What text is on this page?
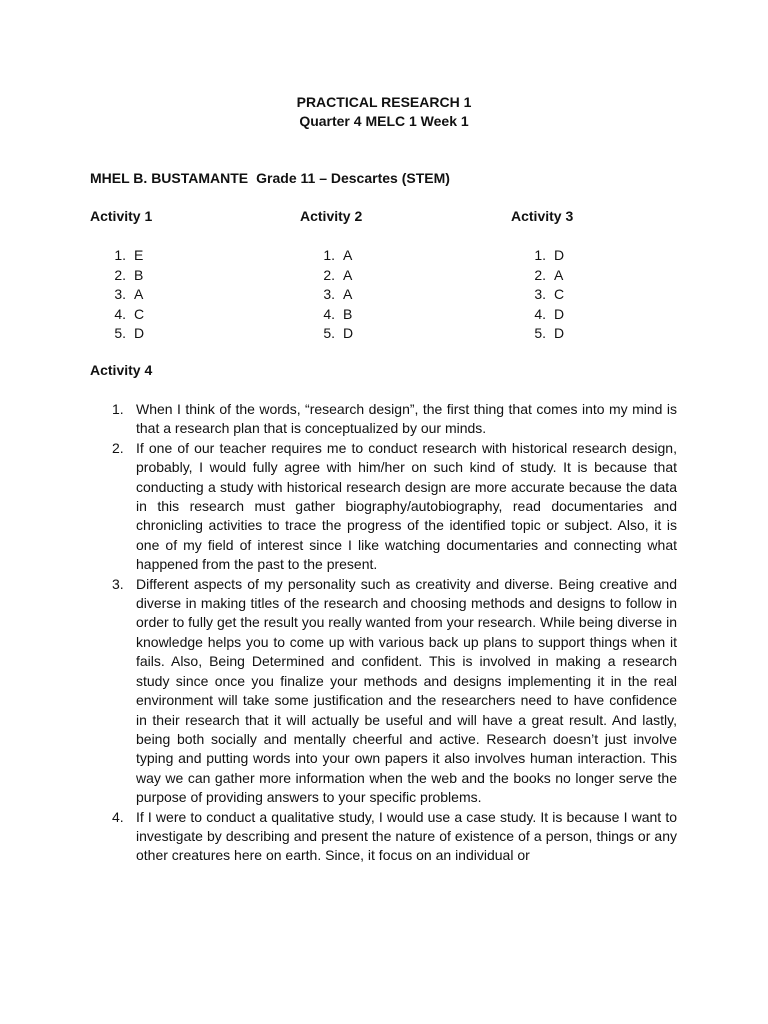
PRACTICAL RESEARCH 1
Quarter 4 MELC 1 Week 1
MHEL B. BUSTAMANTE Grade 11 – Descartes (STEM)
Activity 1
1. E
2. B
3. A
4. C
5. D
Activity 2
1. A
2. A
3. A
4. B
5. D
Activity 3
1. D
2. A
3. C
4. D
5. D
Activity 4
1. When I think of the words, “research design”, the first thing that comes into my mind is that a research plan that is conceptualized by our minds.
2. If one of our teacher requires me to conduct research with historical research design, probably, I would fully agree with him/her on such kind of study. It is because that conducting a study with historical research design are more accurate because the data in this research must gather biography/autobiography, read documentaries and chronicling activities to trace the progress of the identified topic or subject. Also, it is one of my field of interest since I like watching documentaries and connecting what happened from the past to the present.
3. Different aspects of my personality such as creativity and diverse. Being creative and diverse in making titles of the research and choosing methods and designs to follow in order to fully get the result you really wanted from your research. While being diverse in knowledge helps you to come up with various back up plans to support things when it fails. Also, Being Determined and confident. This is involved in making a research study since once you finalize your methods and designs implementing it in the real environment will take some justification and the researchers need to have confidence in their research that it will actually be useful and will have a great result. And lastly, being both socially and mentally cheerful and active. Research doesn’t just involve typing and putting words into your own papers it also involves human interaction. This way we can gather more information when the web and the books no longer serve the purpose of providing answers to your specific problems.
4. If I were to conduct a qualitative study, I would use a case study. It is because I want to investigate by describing and present the nature of existence of a person, things or any other creatures here on earth. Since, it focus on an individual or
